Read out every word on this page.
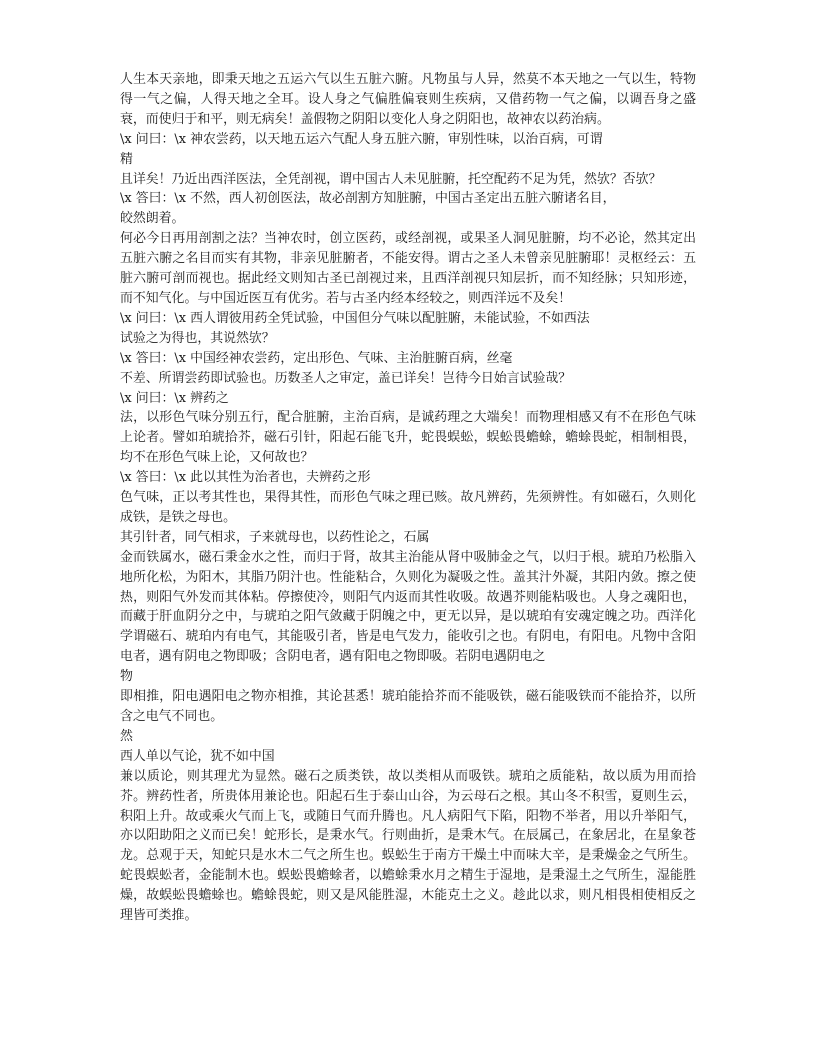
人生本天亲地，即秉天地之五运六气以生五脏六腑。凡物虽与人异，然莫不本天地之一气以生，特物得一气之偏，人得天地之全耳。设人身之气偏胜偏衰则生疾病，又借药物一气之偏，以调吾身之盛衰，而使归于和平，则无病矣！盖假物之阴阳以变化人身之阴阳也，故神农以药治病。

\x 问曰：\x 神农尝药，以天地五运六气配人身五脏六腑，审别性味，以治百病，可谓

精

且详矣！乃近出西洋医法，全凭剖视，谓中国古人未见脏腑，托空配药不足为凭，然欤？否欤？

\x 答曰：\x 不然，西人初创医法，故必剖割方知脏腑，中国古圣定出五脏六腑诸名目，

皎然朗着。

何必今日再用剖割之法？当神农时，创立医药，或经剖视，或果圣人洞见脏腑，均不必论，然其定出五脏六腑之名目而实有其物，非亲见脏腑者，不能安得。谓古之圣人未曾亲见脏腑耶！灵枢经云：五脏六腑可剖而视也。据此经文则知古圣已剖视过来，且西洋剖视只知层折，而不知经脉；只知形迹，而不知气化。与中国近医互有优劣。若与古圣内经本经较之，则西洋远不及矣！

\x 问曰：\x 西人谓彼用药全凭试验，中国但分气味以配脏腑，未能试验，不如西法

试验之为得也，其说然欤？

\x 答曰：\x 中国经神农尝药，定出形色、气味、主治脏腑百病，丝毫

不差、所谓尝药即试验也。历数圣人之审定，盖已详矣！岂待今日始言试验哉？

\x 问曰：\x 辨药之

法，以形色气味分别五行，配合脏腑，主治百病，是诚药理之大端矣！而物理相感又有不在形色气味上论者。譬如珀琥拾芥，磁石引针，阳起石能飞升，蛇畏蜈蚣，蜈蚣畏蟾蜍，蟾蜍畏蛇，相制相畏，均不在形色气味上论，又何故也？

\x 答曰：\x 此以其性为治者也，夫辨药之形

色气味，正以考其性也，果得其性，而形色气味之理已赅。故凡辨药，先须辨性。有如磁石，久则化成铁，是铁之母也。

其引针者，同气相求，子来就母也，以药性论之，石属

金而铁属水，磁石秉金水之性，而归于肾，故其主治能从肾中吸肺金之气，以归于根。琥珀乃松脂入地所化松，为阳木，其脂乃阴汁也。性能粘合，久则化为凝吸之性。盖其汁外凝，其阳内敛。擦之使热，则阳气外发而其体粘。停擦使冷，则阳气内返而其性收吸。故遇芥则能粘吸也。人身之魂阳也，而藏于肝血阴分之中，与琥珀之阳气敛藏于阴魄之中，更无以异，是以琥珀有安魂定魄之功。西洋化学谓磁石、琥珀内有电气，其能吸引者，皆是电气发力，能收引之也。有阴电，有阳电。凡物中含阳电者，遇有阴电之物即吸；含阴电者，遇有阳电之物即吸。若阴电遇阴电之

物

即相推，阳电遇阳电之物亦相推，其论甚悉！琥珀能拾芥而不能吸铁，磁石能吸铁而不能拾芥，以所含之电气不同也。

然

西人单以气论，犹不如中国

兼以质论，则其理尤为显然。磁石之质类铁，故以类相从而吸铁。琥珀之质能粘，故以质为用而拾芥。辨药性者，所贵体用兼论也。阳起石生于泰山山谷，为云母石之根。其山冬不积雪，夏则生云，积阳上升。故或乘火气而上飞，或随日气而升腾也。凡人病阳气下陷，阳物不举者，用以升举阳气，亦以阳助阳之义而已矣！蛇形长，是秉水气。行则曲折，是秉木气。在辰属己，在象居北，在星象苍龙。总观于天，知蛇只是水木二气之所生也。蜈蚣生于南方干燥土中而味大辛，是秉燥金之气所生。蛇畏蜈蚣者，金能制木也。蜈蚣畏蟾蜍者，以蟾蜍秉水月之精生于湿地，是秉湿土之气所生，湿能胜燥，故蜈蚣畏蟾蜍也。蟾蜍畏蛇，则又是风能胜湿，木能克土之义。趁此以求，则凡相畏相使相反之理皆可类推。
